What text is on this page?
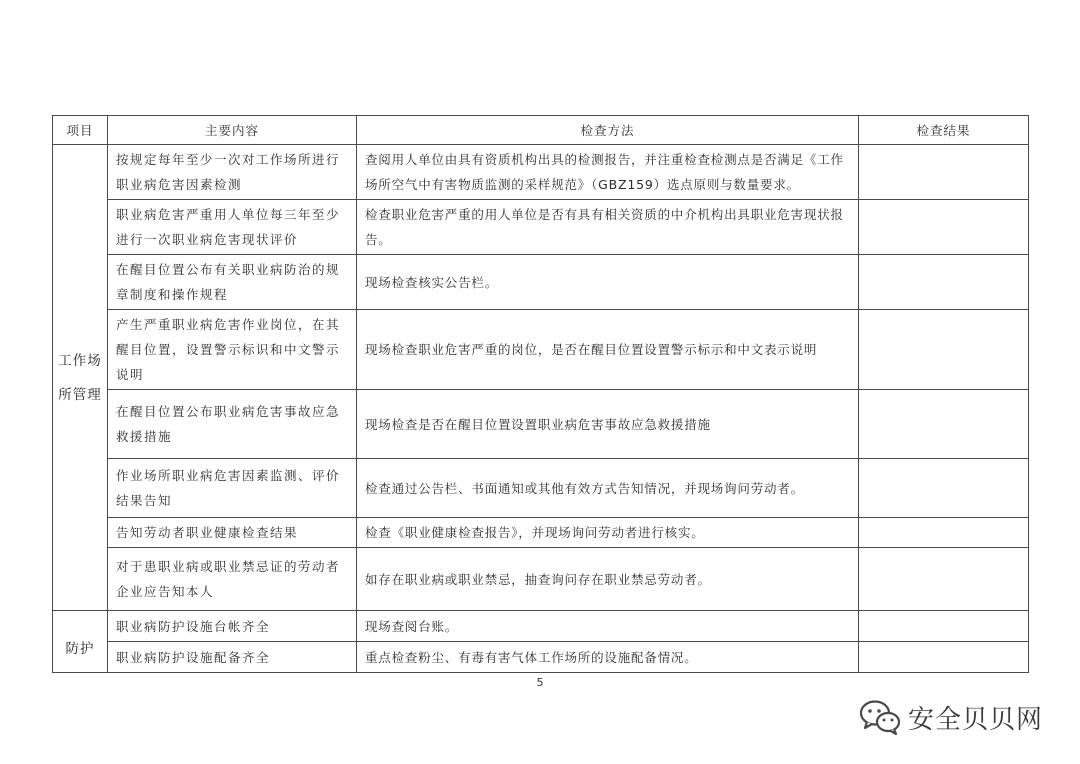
项目	主要内容	检查方法	检查结果

工作场
所管理	按规定每年至少一次对工作场所进行职业病危害因素检测	查阅用人单位由具有资质机构出具的检测报告，并注重检查检测点是否满足《工作场所空气中有害物质监测的采样规范》（GBZ159）选点原则与数量要求。	
	职业病危害严重用人单位每三年至少进行一次职业病危害现状评价	检查职业危害严重的用人单位是否有具有相关资质的中介机构出具职业危害现状报告。	
	在醒目位置公布有关职业病防治的规章制度和操作规程	现场检查核实公告栏。	
	产生严重职业病危害作业岗位，在其醒目位置，设置警示标识和中文警示说明	现场检查职业危害严重的岗位，是否在醒目位置设置警示标示和中文表示说明	
	在醒目位置公布职业病危害事故应急救援措施	现场检查是否在醒目位置设置职业病危害事故应急救援措施	
	作业场所职业病危害因素监测、评价结果告知	检查通过公告栏、书面通知或其他有效方式告知情况，并现场询问劳动者。	
	告知劳动者职业健康检查结果	检查《职业健康检查报告》，并现场询问劳动者进行核实。	
	对于患职业病或职业禁忌证的劳动者企业应告知本人	如存在职业病或职业禁忌，抽查询问存在职业禁忌劳动者。	

防护	职业病防护设施台帐齐全	现场查阅台账。	
	职业病防护设施配备齐全	重点检查粉尘、有毒有害气体工作场所的设施配备情况。	
5
安全贝贝网
